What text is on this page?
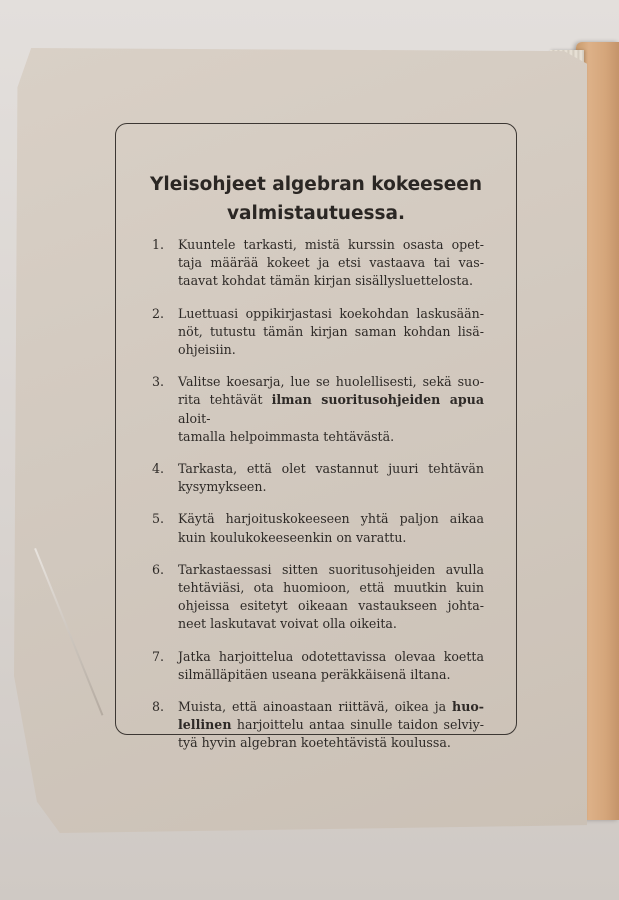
Yleisohjeet algebran kokeeseen
valmistautuessa.
1. Kuuntele tarkasti, mistä kurssin osasta opet-
taja määrää kokeet ja etsi vastaava tai vas-
taavat kohdat tämän kirjan sisällysluettelosta.
2. Luettuasi oppikirjastasi koekohdan laskusään-
nöt, tutustu tämän kirjan saman kohdan lisä-
ohjeisiin.
3. Valitse koesarja, lue se huolellisesti, sekä suo-
rita tehtävät ilman suoritusohjeiden apua aloit-
tamalla helpoimmasta tehtävästä.
4. Tarkasta, että olet vastannut juuri tehtävän
kysymykseen.
5. Käytä harjoituskokeeseen yhtä paljon aikaa
kuin koulukokeeseenkin on varattu.
6. Tarkastaessasi sitten suoritusohjeiden avulla
tehtäviäsi, ota huomioon, että muutkin kuin
ohjeissa esitetyt oikeaan vastaukseen johta-
neet laskutavat voivat olla oikeita.
7. Jatka harjoittelua odotettavissa olevaa koetta
silmälläpitäen useana peräkkäisenä iltana.
8. Muista, että ainoastaan riittävä, oikea ja huo-
lellinen harjoittelu antaa sinulle taidon selviy-
tyä hyvin algebran koetehtävistä koulussa.
